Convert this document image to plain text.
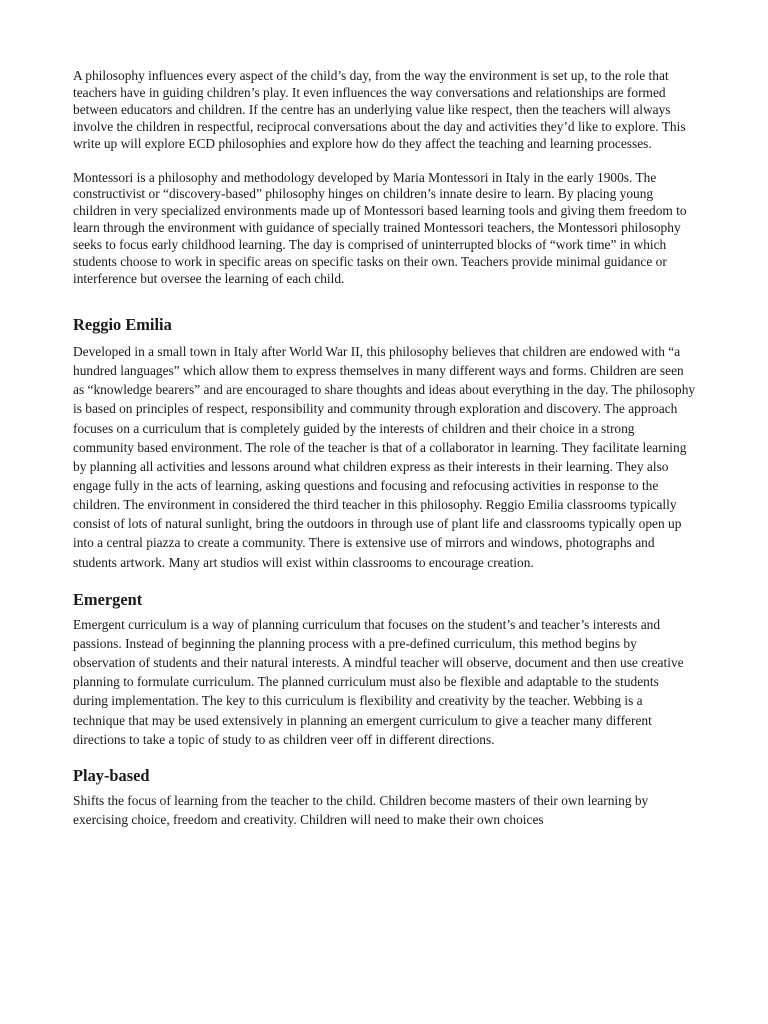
A philosophy influences every aspect of the child’s day, from the way the environment is set up, to the role that teachers have in guiding children’s play. It even influences the way conversations and relationships are formed between educators and children. If the centre has an underlying value like respect, then the teachers will always involve the children in respectful, reciprocal conversations about the day and activities they’d like to explore. This write up will explore ECD philosophies and explore how do they affect the teaching and learning processes.

Montessori is a philosophy and methodology developed by Maria Montessori in Italy in the early 1900s. The constructivist or “discovery-based” philosophy hinges on children’s innate desire to learn. By placing young children in very specialized environments made up of Montessori based learning tools and giving them freedom to learn through the environment with guidance of specially trained Montessori teachers, the Montessori philosophy seeks to focus early childhood learning. The day is comprised of uninterrupted blocks of “work time” in which students choose to work in specific areas on specific tasks on their own. Teachers provide minimal guidance or interference but oversee the learning of each child.

Reggio Emilia

Developed in a small town in Italy after World War II, this philosophy believes that children are endowed with “a hundred languages” which allow them to express themselves in many different ways and forms. Children are seen as “knowledge bearers” and are encouraged to share thoughts and ideas about everything in the day. The philosophy is based on principles of respect, responsibility and community through exploration and discovery. The approach focuses on a curriculum that is completely guided by the interests of children and their choice in a strong community based environment. The role of the teacher is that of a collaborator in learning. They facilitate learning by planning all activities and lessons around what children express as their interests in their learning. They also engage fully in the acts of learning, asking questions and focusing and refocusing activities in response to the children. The environment in considered the third teacher in this philosophy. Reggio Emilia classrooms typically consist of lots of natural sunlight, bring the outdoors in through use of plant life and classrooms typically open up into a central piazza to create a community. There is extensive use of mirrors and windows, photographs and students artwork. Many art studios will exist within classrooms to encourage creation.

Emergent

Emergent curriculum is a way of planning curriculum that focuses on the student’s and teacher’s interests and passions. Instead of beginning the planning process with a pre-defined curriculum, this method begins by observation of students and their natural interests. A mindful teacher will observe, document and then use creative planning to formulate curriculum. The planned curriculum must also be flexible and adaptable to the students during implementation. The key to this curriculum is flexibility and creativity by the teacher. Webbing is a technique that may be used extensively in planning an emergent curriculum to give a teacher many different directions to take a topic of study to as children veer off in different directions.

Play-based

Shifts the focus of learning from the teacher to the child. Children become masters of their own learning by exercising choice, freedom and creativity. Children will need to make their own choices
